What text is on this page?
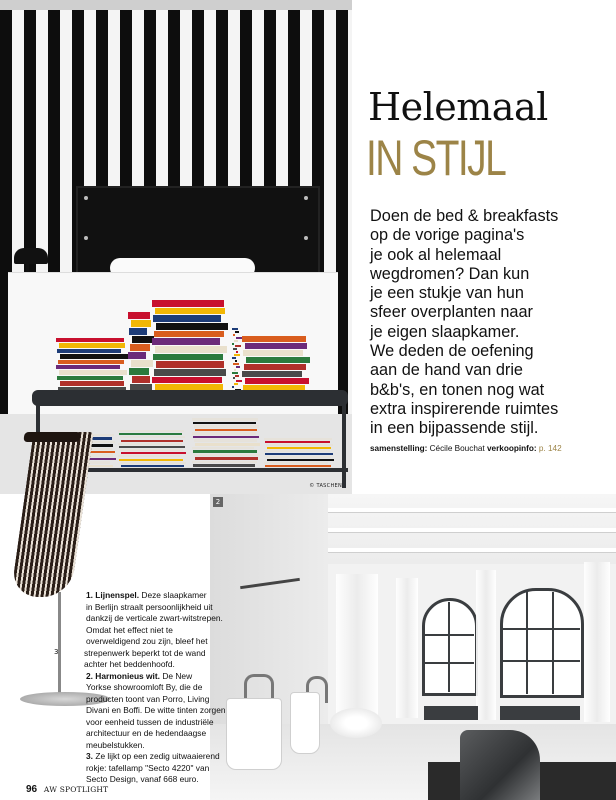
© TASCHEN
Helemaal
IN STIJL
Doen de bed & breakfasts
op de vorige pagina's
je ook al helemaal
wegdromen? Dan kun
je een stukje van hun
sfeer overplanten naar
je eigen slaapkamer.
We deden de oefening
aan de hand van drie
b&b's, en tonen nog wat
extra inspirerende ruimtes
in een bijpassende stijl.
samenstelling: Cécile Bouchat verkoopinfo: p. 142
2
3
1. Lijnenspel. Deze slaapkamer
in Berlijn straalt persoonlijkheid uit
dankzij de verticale zwart-witstrepen.
Omdat het effect niet te
overweldigend zou zijn, bleef het
strepenwerk beperkt tot de wand
achter het beddenhoofd.
2. Harmonieus wit. De New
Yorkse showroomloft By, die de
producten toont van Porro, Living
Divani en Boffi. De witte tinten zorgen
voor eenheid tussen de industriële
architectuur en de hedendaagse
meubelstukken.
3. Ze lijkt op een zedig uitwaaierend
rokje: tafellamp "Secto 4220" van
Secto Design, vanaf 668 euro.
96 AW SPOTLIGHT
